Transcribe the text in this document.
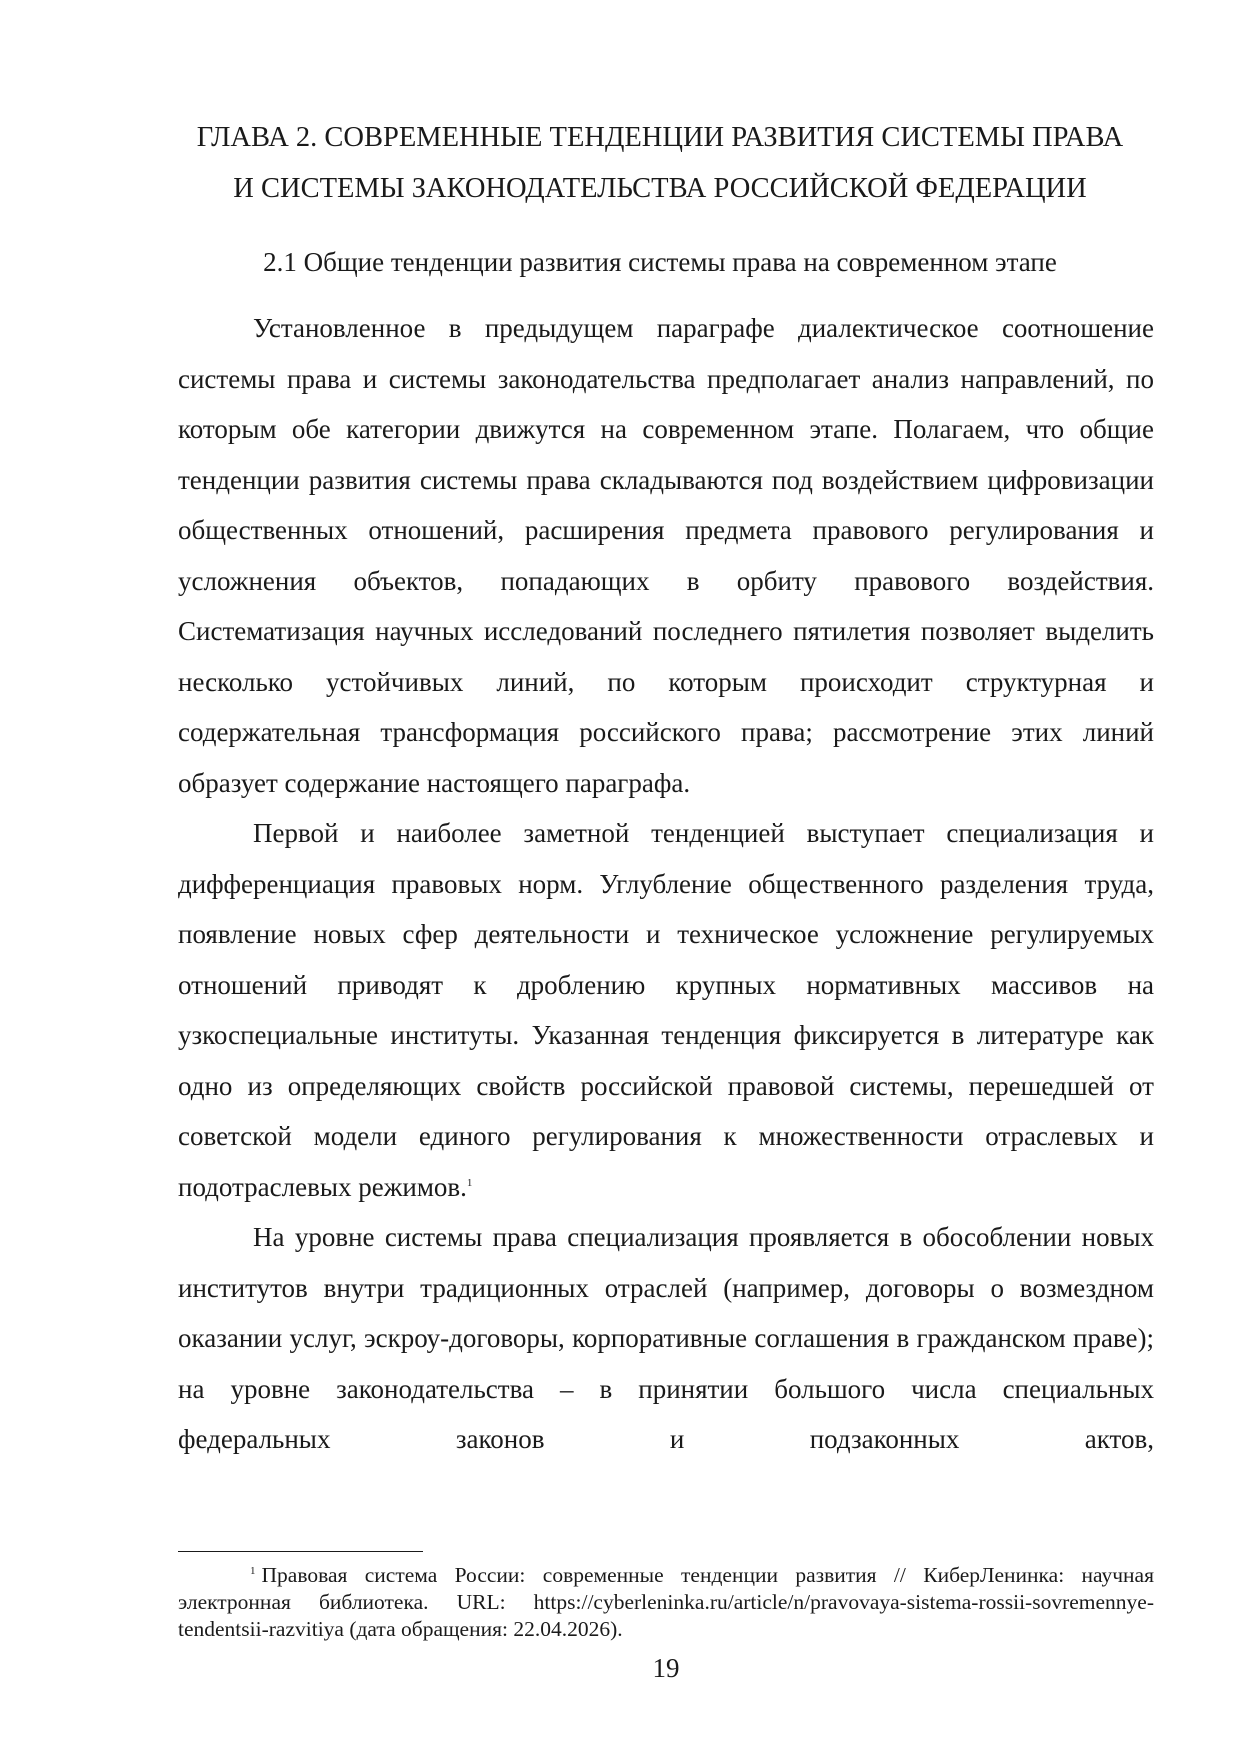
ГЛАВА 2. СОВРЕМЕННЫЕ ТЕНДЕНЦИИ РАЗВИТИЯ СИСТЕМЫ ПРАВА
И СИСТЕМЫ ЗАКОНОДАТЕЛЬСТВА РОССИЙСКОЙ ФЕДЕРАЦИИ
2.1 Общие тенденции развития системы права на современном этапе

Установленное в предыдущем параграфе диалектическое соотношение системы права и системы законодательства предполагает анализ направлений, по которым обе категории движутся на современном этапе. Полагаем, что общие тенденции развития системы права складываются под воздействием цифровизации общественных отношений, расширения предмета правового регулирования и усложнения объектов, попадающих в орбиту правового воздействия. Систематизация научных исследований последнего пятилетия позволяет выделить несколько устойчивых линий, по которым происходит структурная и содержательная трансформация российского права; рассмотрение этих линий образует содержание настоящего параграфа.

Первой и наиболее заметной тенденцией выступает специализация и дифференциация правовых норм. Углубление общественного разделения труда, появление новых сфер деятельности и техническое усложнение регулируемых отношений приводят к дроблению крупных нормативных массивов на узкоспециальные институты. Указанная тенденция фиксируется в литературе как одно из определяющих свойств российской правовой системы, перешедшей от советской модели единого регулирования к множественности отраслевых и подотраслевых режимов.$^1$

На уровне системы права специализация проявляется в обособлении новых институтов внутри традиционных отраслей (например, договоры о возмездном оказании услуг, эскроу-договоры, корпоративные соглашения в гражданском праве); на уровне законодательства – в принятии большого числа специальных федеральных законов и подзаконных актов,

$^1$ Правовая система России: современные тенденции развития // КиберЛенинка: научная электронная библиотека. URL: https://cyberleninka.ru/article/n/pravovaya-sistema-rossii-sovremennye-tendentsii-razvitiya (дата обращения: 22.04.2026).

19
